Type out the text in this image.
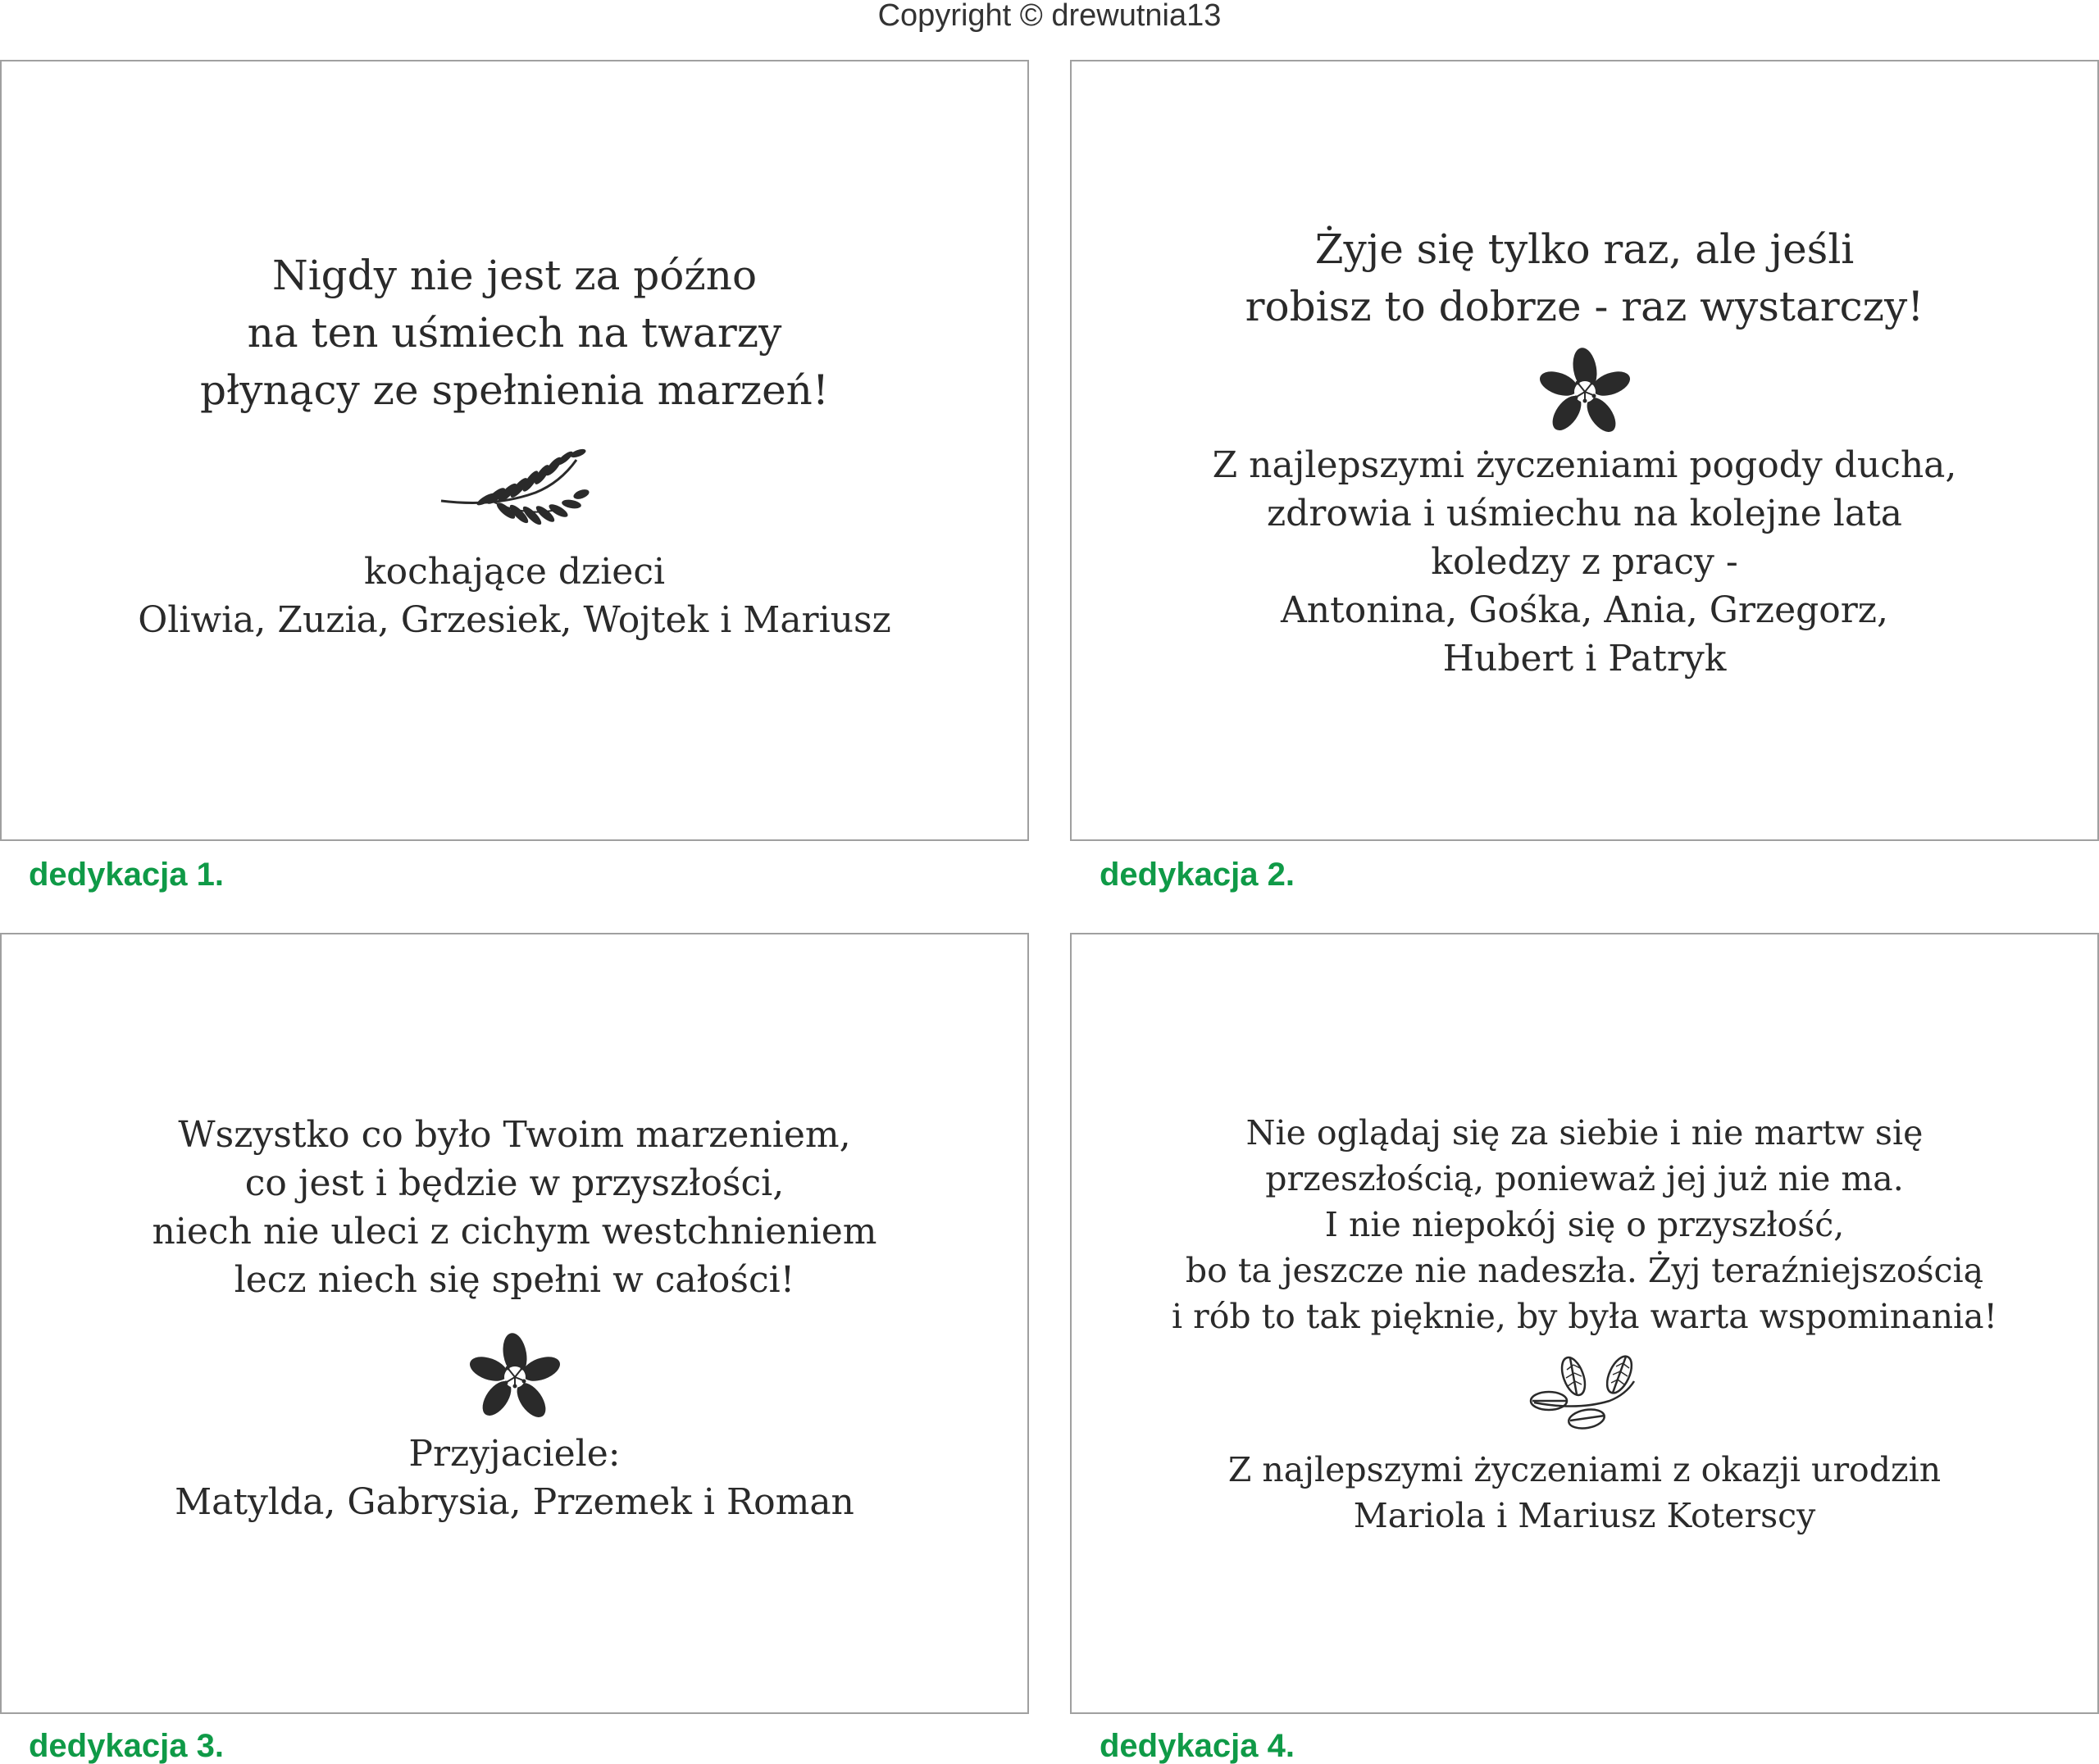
Copyright © drewutnia13
Nigdy nie jest za późno
na ten uśmiech na twarzy
płynący ze spełnienia marzeń!
kochające dzieci
Oliwia, Zuzia, Grzesiek, Wojtek i Mariusz
dedykacja 1.
Żyje się tylko raz, ale jeśli
robisz to dobrze - raz wystarczy!
Z najlepszymi życzeniami pogody ducha,
zdrowia i uśmiechu na kolejne lata
koledzy z pracy -
Antonina, Gośka, Ania, Grzegorz,
Hubert i Patryk
dedykacja 2.
Wszystko co było Twoim marzeniem,
co jest i będzie w przyszłości,
niech nie uleci z cichym westchnieniem
lecz niech się spełni w całości!
Przyjaciele:
Matylda, Gabrysia, Przemek i Roman
dedykacja 3.
Nie oglądaj się za siebie i nie martw się
przeszłością, ponieważ jej już nie ma.
I nie niepokój się o przyszłość,
bo ta jeszcze nie nadeszła. Żyj teraźniejszością
i rób to tak pięknie, by była warta wspominania!
Z najlepszymi życzeniami z okazji urodzin
Mariola i Mariusz Koterscy
dedykacja 4.
